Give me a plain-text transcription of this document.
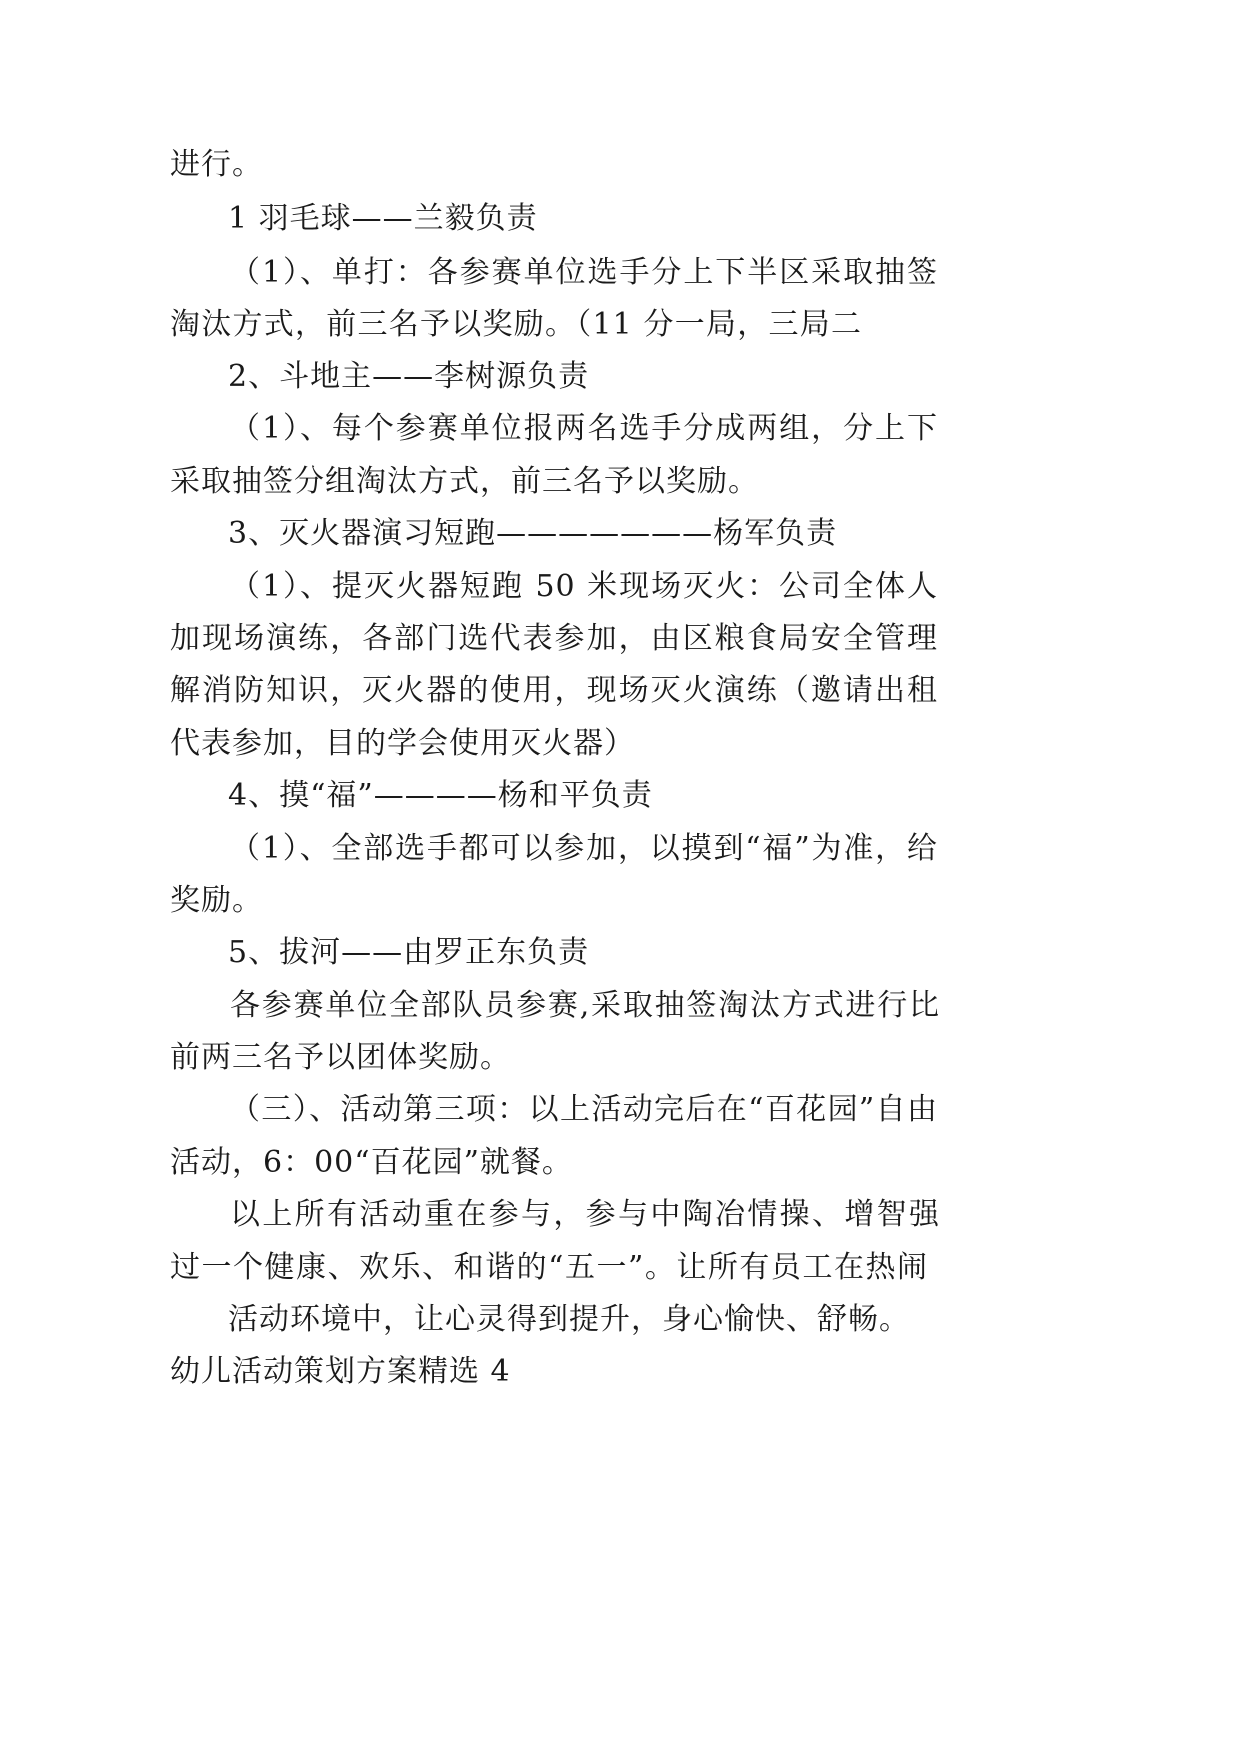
进行。
1 羽毛球——兰毅负责
（1）、单打：各参赛单位选手分上下半区采取抽签
淘汰方式，前三名予以奖励。（11 分一局，三局二
2、斗地主——李树源负责
（1）、每个参赛单位报两名选手分成两组，分上下
采取抽签分组淘汰方式，前三名予以奖励。
3、灭火器演习短跑———————杨军负责
（1）、提灭火器短跑 50 米现场灭火：公司全体人
加现场演练，各部门选代表参加，由区粮食局安全管理
解消防知识，灭火器的使用，现场灭火演练（邀请出租
代表参加，目的学会使用灭火器）
4、摸“福”————杨和平负责
（1）、全部选手都可以参加，以摸到“福”为准，给
奖励。
5、拔河——由罗正东负责
各参赛单位全部队员参赛,采取抽签淘汰方式进行比
前两三名予以团体奖励。
（三）、活动第三项：以上活动完后在“百花园”自由
活动，6：00“百花园”就餐。
以上所有活动重在参与，参与中陶冶情操、增智强
过一个健康、欢乐、和谐的“五一”。让所有员工在热闹
活动环境中，让心灵得到提升，身心愉快、舒畅。
幼儿活动策划方案精选 4
